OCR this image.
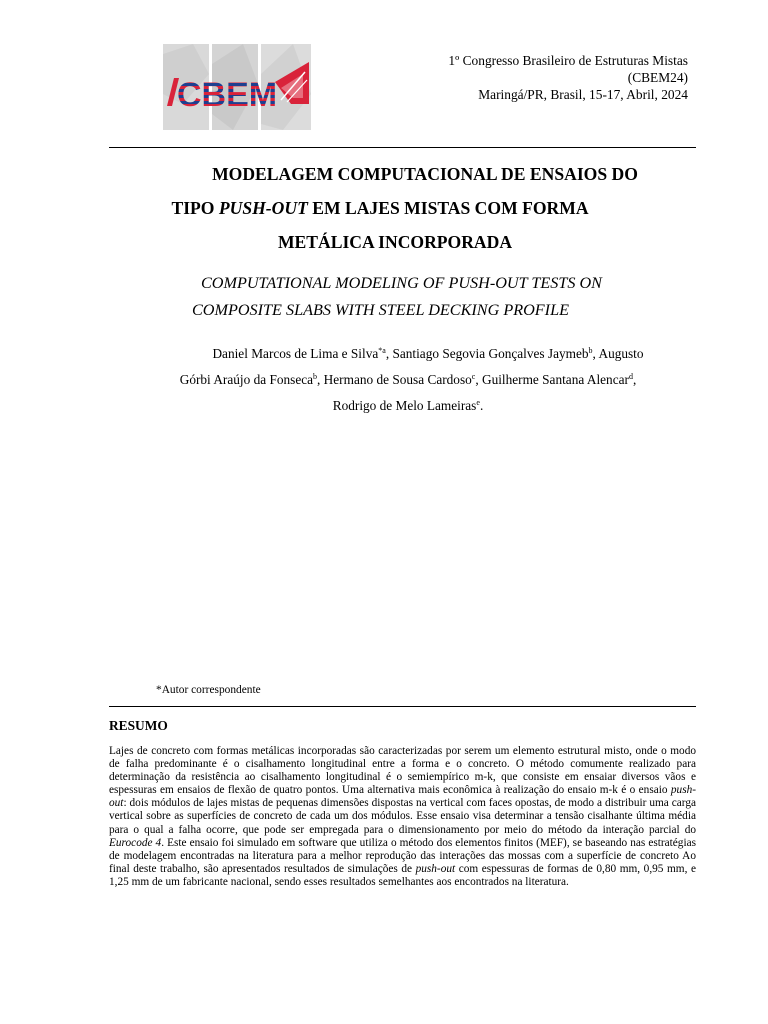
CBEM
1º Congresso Brasileiro de Estruturas Mistas
(CBEM24)
Maringá/PR, Brasil, 15-17, Abril, 2024
MODELAGEM COMPUTACIONAL DE ENSAIOS DO
TIPO PUSH-OUT EM LAJES MISTAS COM FORMA
METÁLICA INCORPORADA
COMPUTATIONAL MODELING OF PUSH-OUT TESTS ON
COMPOSITE SLABS WITH STEEL DECKING PROFILE
Daniel Marcos de Lima e Silva$^{*a}$, Santiago Segovia Gonçalves Jaymeb$^b$, Augusto
Górbi Araújo da Fonseca$^b$, Hermano de Sousa Cardoso$^c$, Guilherme Santana Alencar$^d$,
Rodrigo de Melo Lameiras$^e$.
*Autor correspondente
RESUMO
Lajes de concreto com formas metálicas incorporadas são caracterizadas por serem um elemento estrutural misto, onde o modo de falha predominante é o cisalhamento longitudinal entre a forma e o concreto. O método comumente realizado para determinação da resistência ao cisalhamento longitudinal é o semiempírico m-k, que consiste em ensaiar diversos vãos e espessuras em ensaios de flexão de quatro pontos. Uma alternativa mais econômica à realização do ensaio m-k é o ensaio push-out: dois módulos de lajes mistas de pequenas dimensões dispostas na vertical com faces opostas, de modo a distribuir uma carga vertical sobre as superfícies de concreto de cada um dos módulos. Esse ensaio visa determinar a tensão cisalhante última média para o qual a falha ocorre, que pode ser empregada para o dimensionamento por meio do método da interação parcial do Eurocode 4. Este ensaio foi simulado em software que utiliza o método dos elementos finitos (MEF), se baseando nas estratégias de modelagem encontradas na literatura para a melhor reprodução das interações das mossas com a superfície de concreto Ao final deste trabalho, são apresentados resultados de simulações de push-out com espessuras de formas de 0,80 mm, 0,95 mm, e 1,25 mm de um fabricante nacional, sendo esses resultados semelhantes aos encontrados na literatura.
